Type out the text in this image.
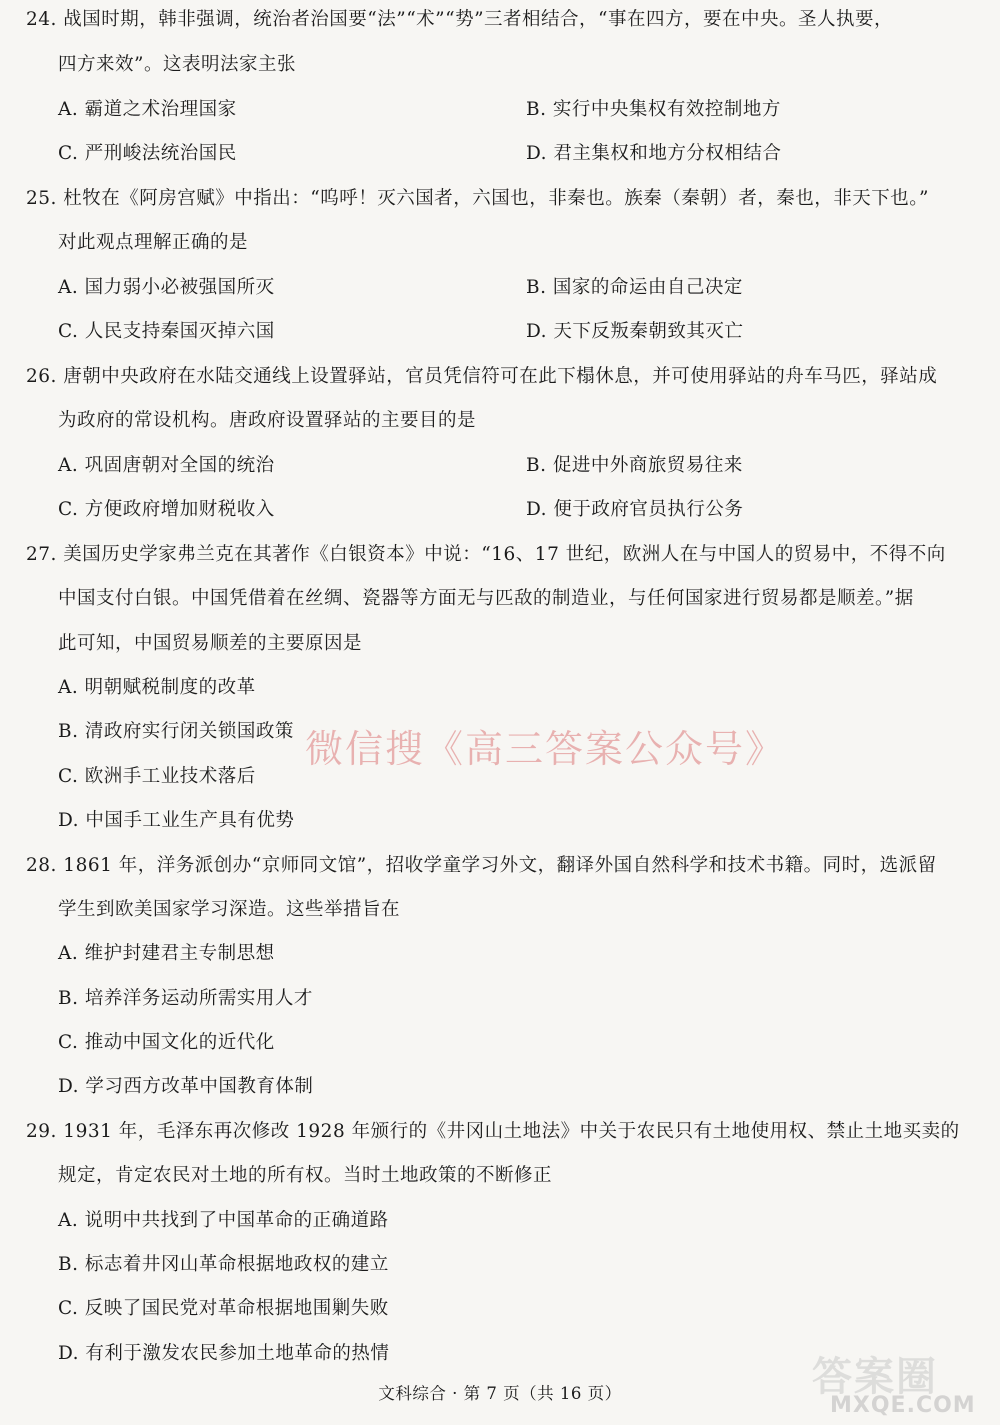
24. 战国时期，韩非强调，统治者治国要“法”“术”“势”三者相结合，“事在四方，要在中央。圣人执要，
四方来效”。这表明法家主张
A. 霸道之术治理国家	B. 实行中央集权有效控制地方
C. 严刑峻法统治国民	D. 君主集权和地方分权相结合
25. 杜牧在《阿房宫赋》中指出：“呜呼！灭六国者，六国也，非秦也。族秦（秦朝）者，秦也，非天下也。”
对此观点理解正确的是
A. 国力弱小必被强国所灭	B. 国家的命运由自己决定
C. 人民支持秦国灭掉六国	D. 天下反叛秦朝致其灭亡
26. 唐朝中央政府在水陆交通线上设置驿站，官员凭信符可在此下榻休息，并可使用驿站的舟车马匹，驿站成
为政府的常设机构。唐政府设置驿站的主要目的是
A. 巩固唐朝对全国的统治	B. 促进中外商旅贸易往来
C. 方便政府增加财税收入	D. 便于政府官员执行公务
27. 美国历史学家弗兰克在其著作《白银资本》中说：“16、17 世纪，欧洲人在与中国人的贸易中，不得不向
中国支付白银。中国凭借着在丝绸、瓷器等方面无与匹敌的制造业，与任何国家进行贸易都是顺差。”据
此可知，中国贸易顺差的主要原因是
A. 明朝赋税制度的改革
B. 清政府实行闭关锁国政策
C. 欧洲手工业技术落后
D. 中国手工业生产具有优势
28. 1861 年，洋务派创办“京师同文馆”，招收学童学习外文，翻译外国自然科学和技术书籍。同时，选派留
学生到欧美国家学习深造。这些举措旨在
A. 维护封建君主专制思想
B. 培养洋务运动所需实用人才
C. 推动中国文化的近代化
D. 学习西方改革中国教育体制
29. 1931 年，毛泽东再次修改 1928 年颁行的《井冈山土地法》中关于农民只有土地使用权、禁止土地买卖的
规定，肯定农民对土地的所有权。当时土地政策的不断修正
A. 说明中共找到了中国革命的正确道路
B. 标志着井冈山革命根据地政权的建立
C. 反映了国民党对革命根据地围剿失败
D. 有利于激发农民参加土地革命的热情
微信搜《高三答案公众号》
文科综合 · 第 7 页（共 16 页）	答案圈
MXQE.COM
